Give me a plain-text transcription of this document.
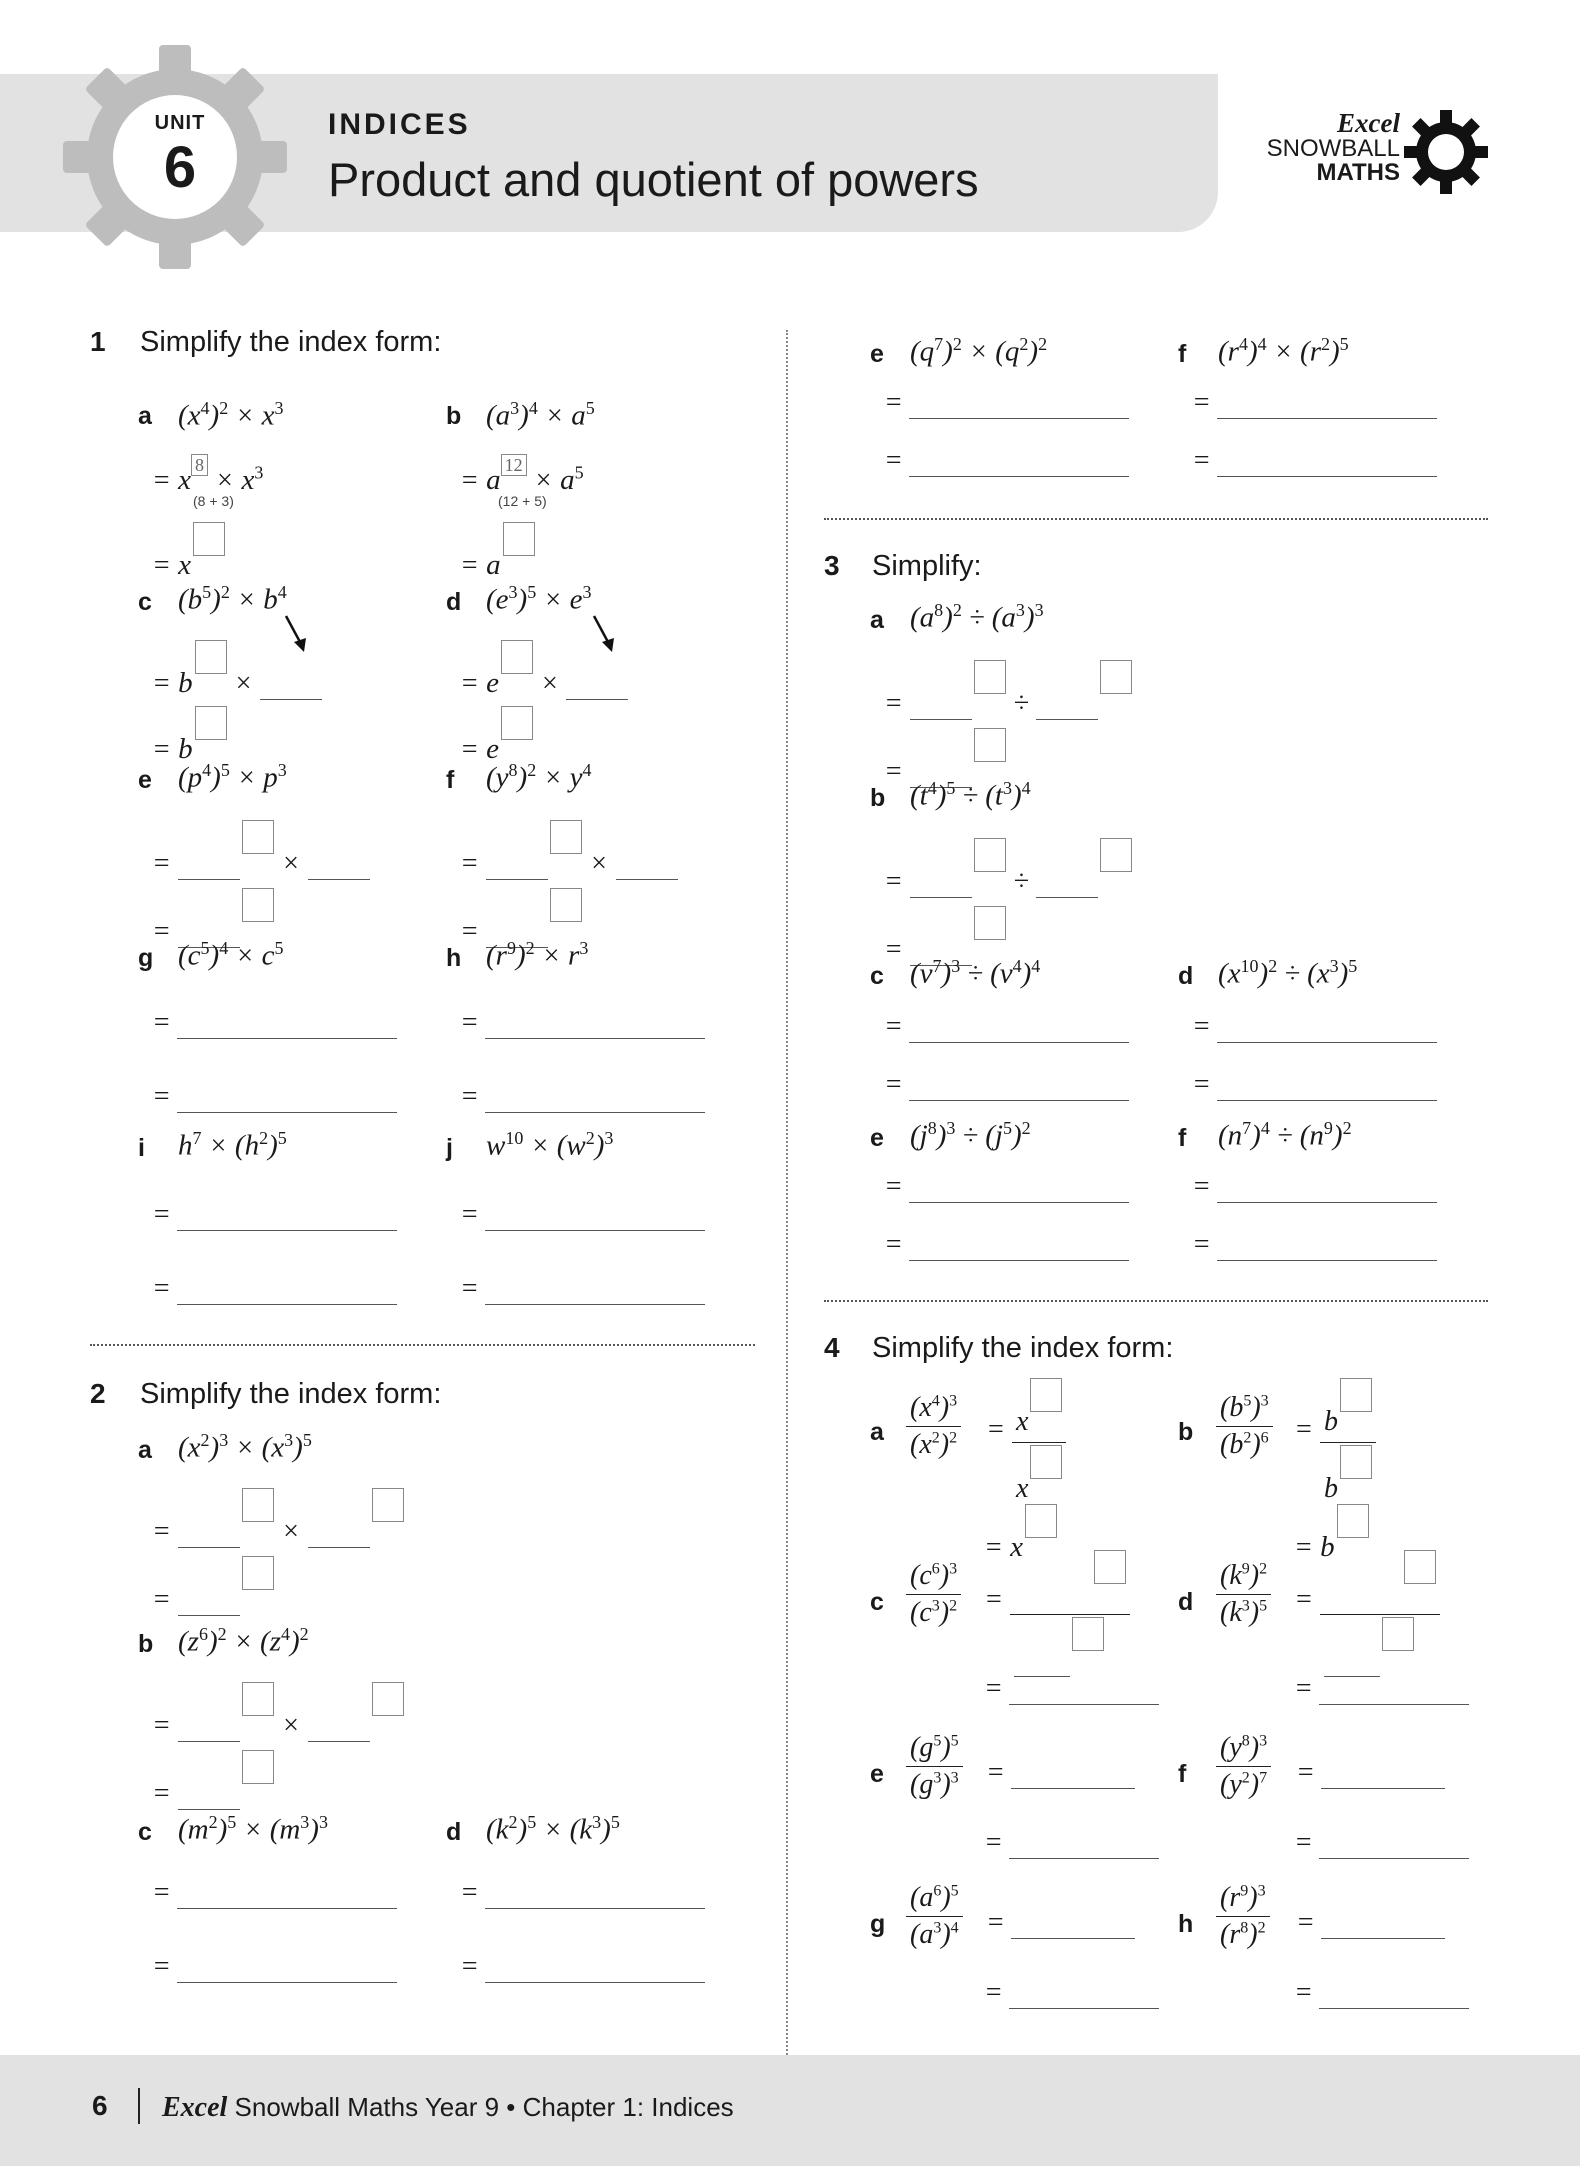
UNIT
6
INDICES
Product and quotient of powers
Excel
SNOWBALL
MATHS
1 Simplify the index form:
a $(x^4)^2 \times x^3$
= x $8 \times x^3$
(8 + 3)
= x
b $(a^3)^4 \times a^5$
= a $12 \times a^5$
(12 + 5)
= a
c $(b^5)^2 \times b^4$
= b ×
= b
d $(e^3)^5 \times e^3$
= e ×
= e
e $(p^4)^5 \times p^3$
=	×
=
f $(y^8)^2 \times y^4$
=	×
=
g $(c^5)^4 \times c^5$
=
=
h $(r^9)^2 \times r^3$
=
=
i $h^7 \times (h^2)^5$
=
=
j $w^{10} \times (w^2)^3$
=
=
2 Simplify the index form:
a $(x^2)^3 \times (x^3)^5$
=	×
=
b $(z^6)^2 \times (z^4)^2$
=	×
=
c $(m^2)^5 \times (m^3)^3$
=
=
d $(k^2)^5 \times (k^3)^5$
=
=
e $(q^7)^2 \times (q^2)^2$
=
=
f $(r^4)^4 \times (r^2)^5$
=
=
3 Simplify:
a $(a^8)^2 \div (a^3)^3$
=	÷
=
b $(t^4)^5 \div (t^3)^4$
=	÷
=
c $(v^7)^3 \div (v^4)^4$
=
=
d $(x^{10})^2 \div (x^3)^5$
=
=
e $(j^8)^3 \div (j^5)^2$
=
=
f $(n^7)^4 \div (n^9)^2$
=
=
4 Simplify the index form:
a
$(x^4)^3$
$(x^2)^2 = x$
x
= x
b
$(b^5)^3$
$(b^2)^6 = b$
b
= b
c
$(c^6)^3$
$(c^3)^2$ =
=
d
$(k^9)^2$
$(k^3)^5$ =
=
e
$(g^5)^5$
$(g^3)^3$ =
=
f
$(y^8)^3$
$(y^2)^7$ =
=
g
$(a^6)^5$
$(a^3)^4$ =
=
h
$(r^9)^3$
$(r^8)^2$ =
=
6 Excel Snowball Maths Year 9 • Chapter 1: Indices
